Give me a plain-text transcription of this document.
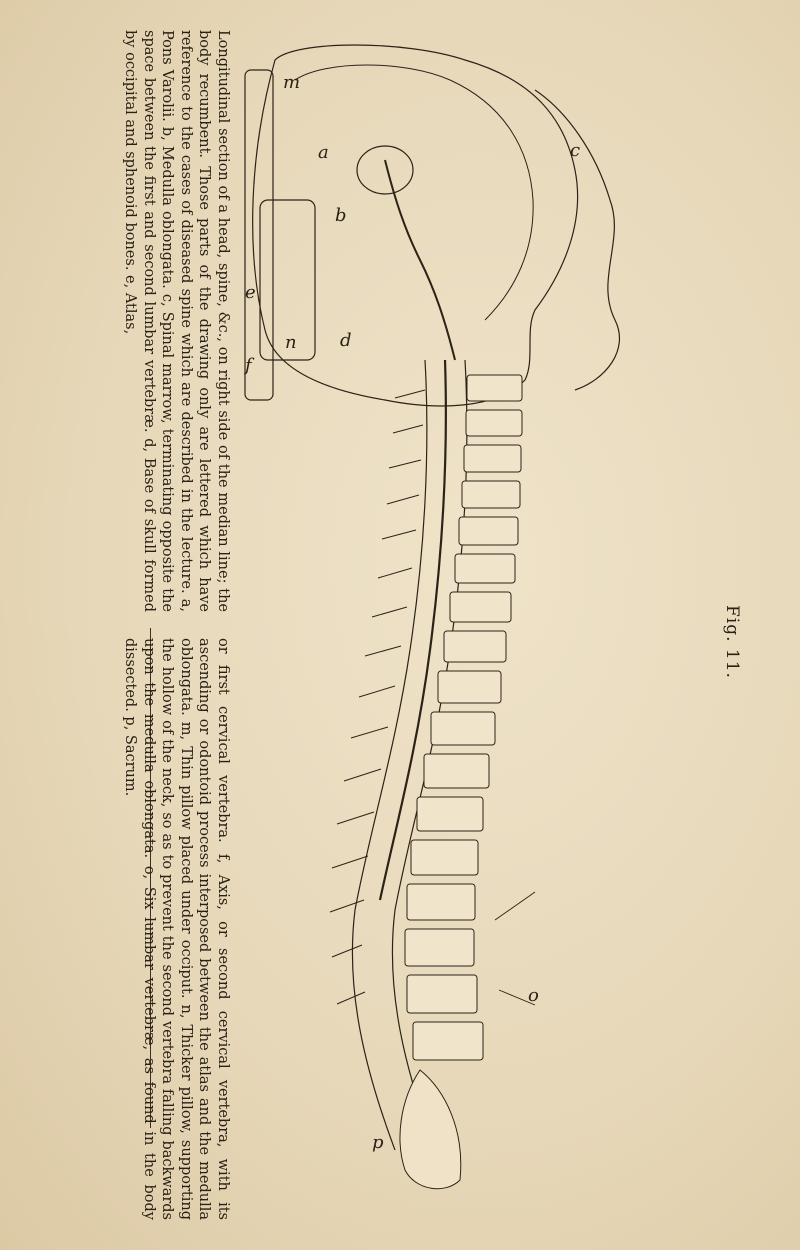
Fig. 11.
a
b
c
d
e
f
m
n
o
p

Longitudinal section of a head, spine, &c., on right side of the median line; the body recumbent. Those parts of the drawing only are lettered which have reference to the cases of diseased spine which are described in the lecture. a, Pons Varolii. b, Medulla oblongata. c, Spinal marrow, terminating opposite the space between the first and second lumbar vertebræ. d, Base of skull formed by occipital and sphenoid bones. e, Atlas,

or first cervical vertebra. f, Axis, or second cervical vertebra, with its ascending or odontoid process interposed between the atlas and the medulla oblongata. m, Thin pillow placed under occiput. n, Thicker pillow, supporting the hollow of the neck, so as to prevent the second vertebra falling backwards upon the medulla oblongata. o, Six lumbar vertebræ, as found in the body dissected. p, Sacrum.
